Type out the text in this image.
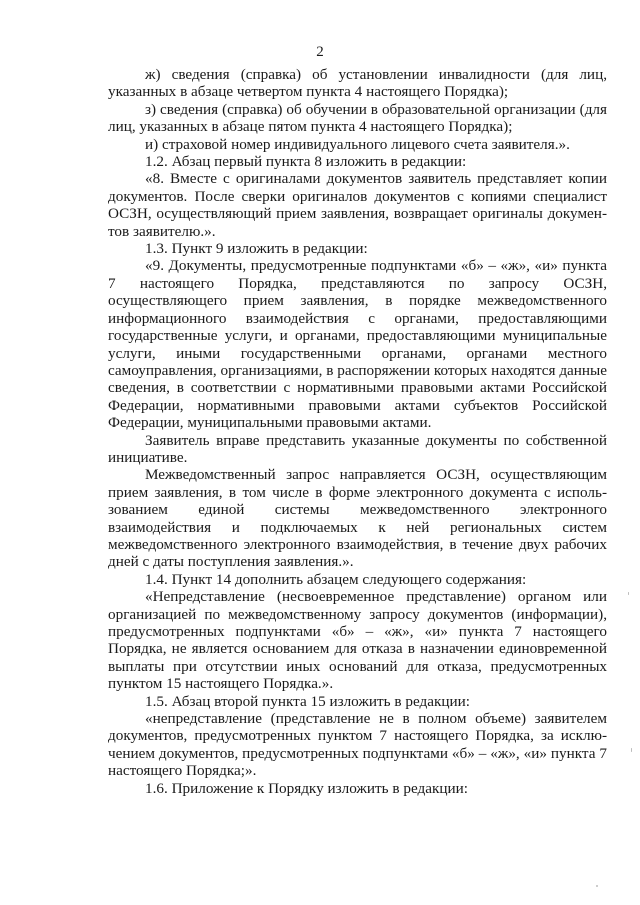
2

ж) сведения (справка) об установлении инвалидности (для лиц, указанных в абзаце четвертом пункта 4 настоящего Порядка);

з) сведения (справка) об обучении в образовательной организации (для лиц, указанных в абзаце пятом пункта 4 настоящего Порядка);

и) страховой номер индивидуального лицевого счета заявителя.».

1.2. Абзац первый пункта 8 изложить в редакции:

«8. Вместе с оригиналами документов заявитель представляет копии документов. После сверки оригиналов документов с копиями специалист ОСЗН, осуществляющий прием заявления, возвращает оригиналы документов заявителю.».

1.3. Пункт 9 изложить в редакции:

«9. Документы, предусмотренные подпунктами «б» – «ж», «и» пункта 7 настоящего Порядка, представляются по запросу ОСЗН, осуществляющего прием заявления, в порядке межведомственного информационного взаимодействия с органами, предоставляющими государственные услуги, и органами, предоставляющими муниципальные услуги, иными государственными органами, органами местного самоуправления, организациями, в распоряжении которых находятся данные сведения, в соответствии с нормативными правовыми актами Российской Федерации, нормативными правовыми актами субъектов Российской Федерации, муниципальными правовыми актами.

Заявитель вправе представить указанные документы по собственной инициативе.

Межведомственный запрос направляется ОСЗН, осуществляющим прием заявления, в том числе в форме электронного документа с использованием единой системы межведомственного электронного взаимодействия и подключаемых к ней региональных систем межведомственного электронного взаимодействия, в течение двух рабочих дней с даты поступления заявления.».

1.4. Пункт 14 дополнить абзацем следующего содержания:

«Непредставление (несвоевременное представление) органом или организацией по межведомственному запросу документов (информации), предусмотренных подпунктами «б» – «ж», «и» пункта 7 настоящего Порядка, не является основанием для отказа в назначении единовременной выплаты при отсутствии иных оснований для отказа, предусмотренных пунктом 15 настоящего Порядка.».

1.5. Абзац второй пункта 15 изложить в редакции:

«непредставление (представление не в полном объеме) заявителем документов, предусмотренных пунктом 7 настоящего Порядка, за исключением документов, предусмотренных подпунктами «б» – «ж», «и» пункта 7 настоящего Порядка;».

1.6. Приложение к Порядку изложить в редакции:
